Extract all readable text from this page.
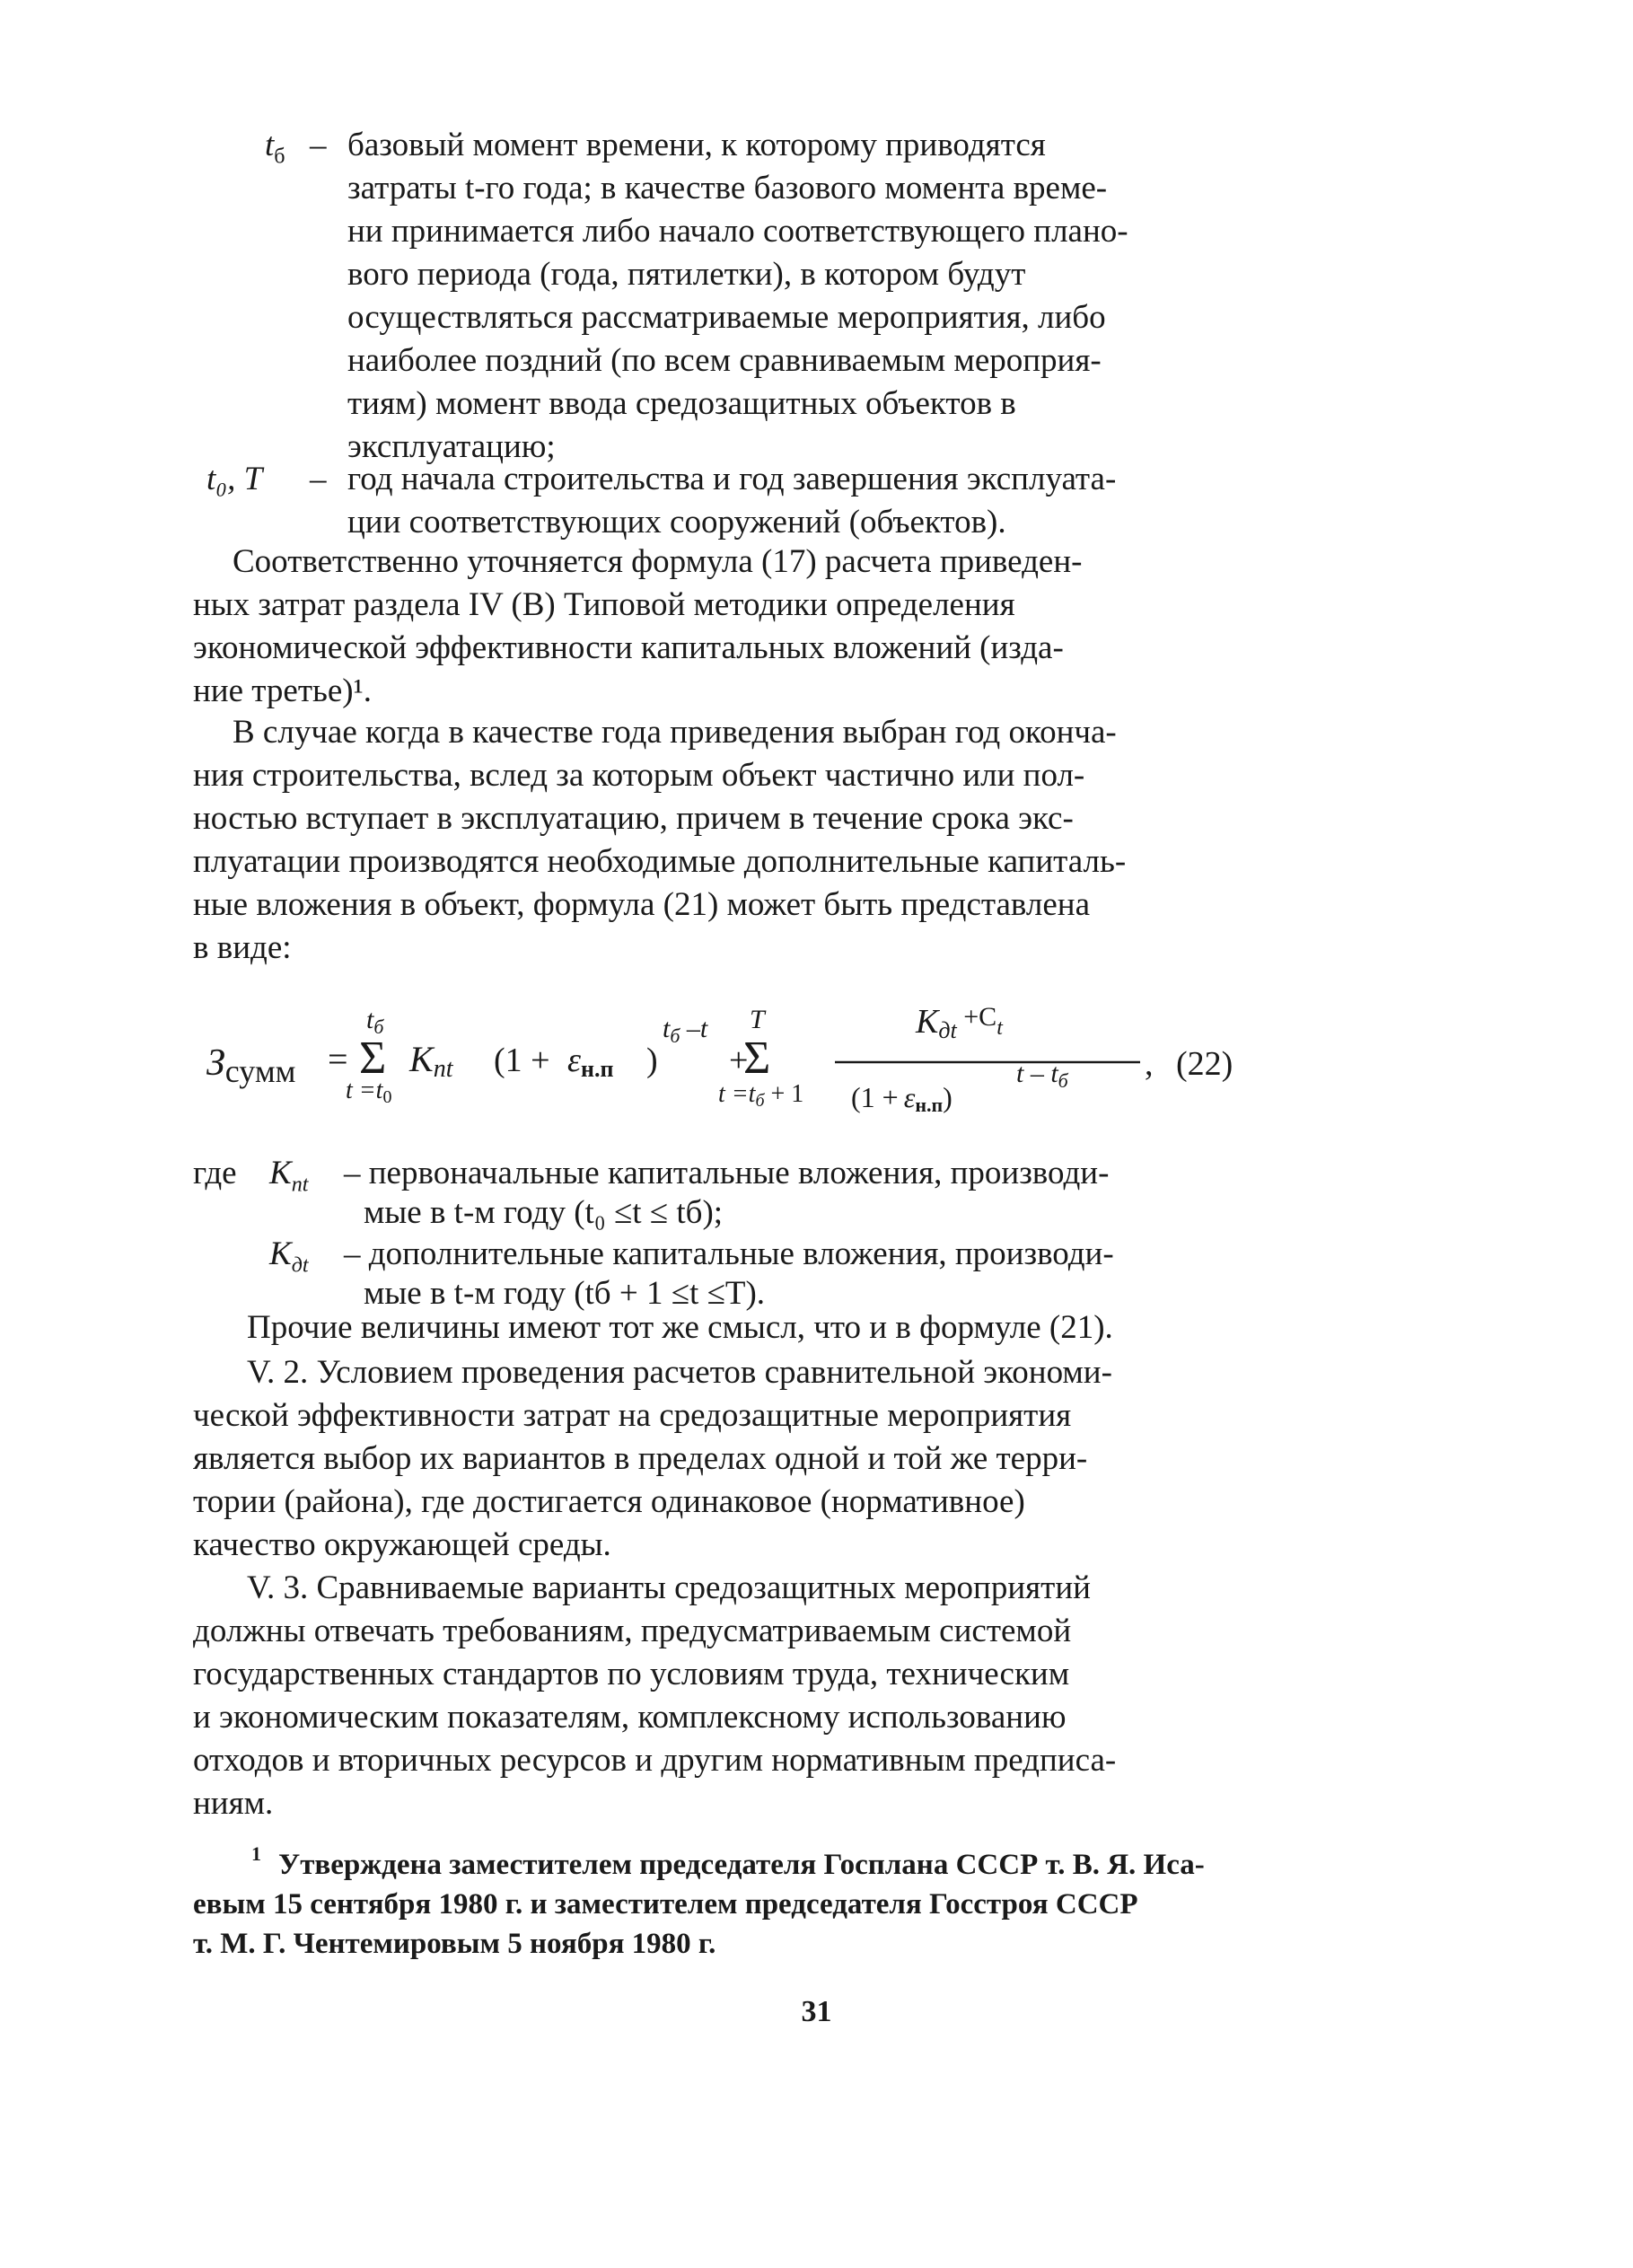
$t_б$ – базовый момент времени, к которому приводятся
затраты t-го года; в качестве базового момента време-
ни принимается либо начало соответствующего плано-
вого периода (года, пятилетки), в котором будут
осуществляться рассматриваемые мероприятия, либо
наиболее поздний (по всем сравниваемым мероприя-
тиям) момент ввода средозащитных объектов в
эксплуатацию;
t₀, T – год начала строительства и год завершения эксплуата-
ции соответствующих сооружений (объектов).
Соответственно уточняется формула (17) расчета приведен-
ных затрат раздела IV (В) Типовой методики определения
экономической эффективности капитальных вложений (изда-
ние третье)¹.
В случае когда в качестве года приведения выбран год оконча-
ния строительства, вслед за которым объект частично или пол-
ностью вступает в эксплуатацию, причем в течение срока экс-
плуатации производятся необходимые дополнительные капиталь-
ные вложения в объект, формула (21) может быть представлена
в виде:
Зсумм =
$t_б$
Σ
t =t0
Kпt (1 + εн.п )
$t_б$ –t
+
T
Σ
t =tб + 1
Kдt $^{+C}_t$
(1 + εн.п)
t – $t_б$ , (22)
где $K_{пt}$ – первоначальные капитальные вложения, производи-
мые в t-м году (t₀ ≤t ≤ tб);
$K_{дt}$ – дополнительные капитальные вложения, производи-
мые в t-м году (tб + 1 ≤t ≤T).
Прочие величины имеют тот же смысл, что и в формуле (21).
V. 2. Условием проведения расчетов сравнительной экономи-
ческой эффективности затрат на средозащитные мероприятия
является выбор их вариантов в пределах одной и той же терри-
тории (района), где достигается одинаковое (нормативное)
качество окружающей среды.
V. 3. Сравниваемые варианты средозащитных мероприятий
должны отвечать требованиям, предусматриваемым системой
государственных стандартов по условиям труда, техническим
и экономическим показателям, комплексному использованию
отходов и вторичных ресурсов и другим нормативным предписа-
ниям.
1 Утверждена заместителем председателя Госплана СССР т. В. Я. Иса-
евым 15 сентября 1980 г. и заместителем председателя Госстроя СССР
т. М. Г. Чентемировым 5 ноября 1980 г.
31
